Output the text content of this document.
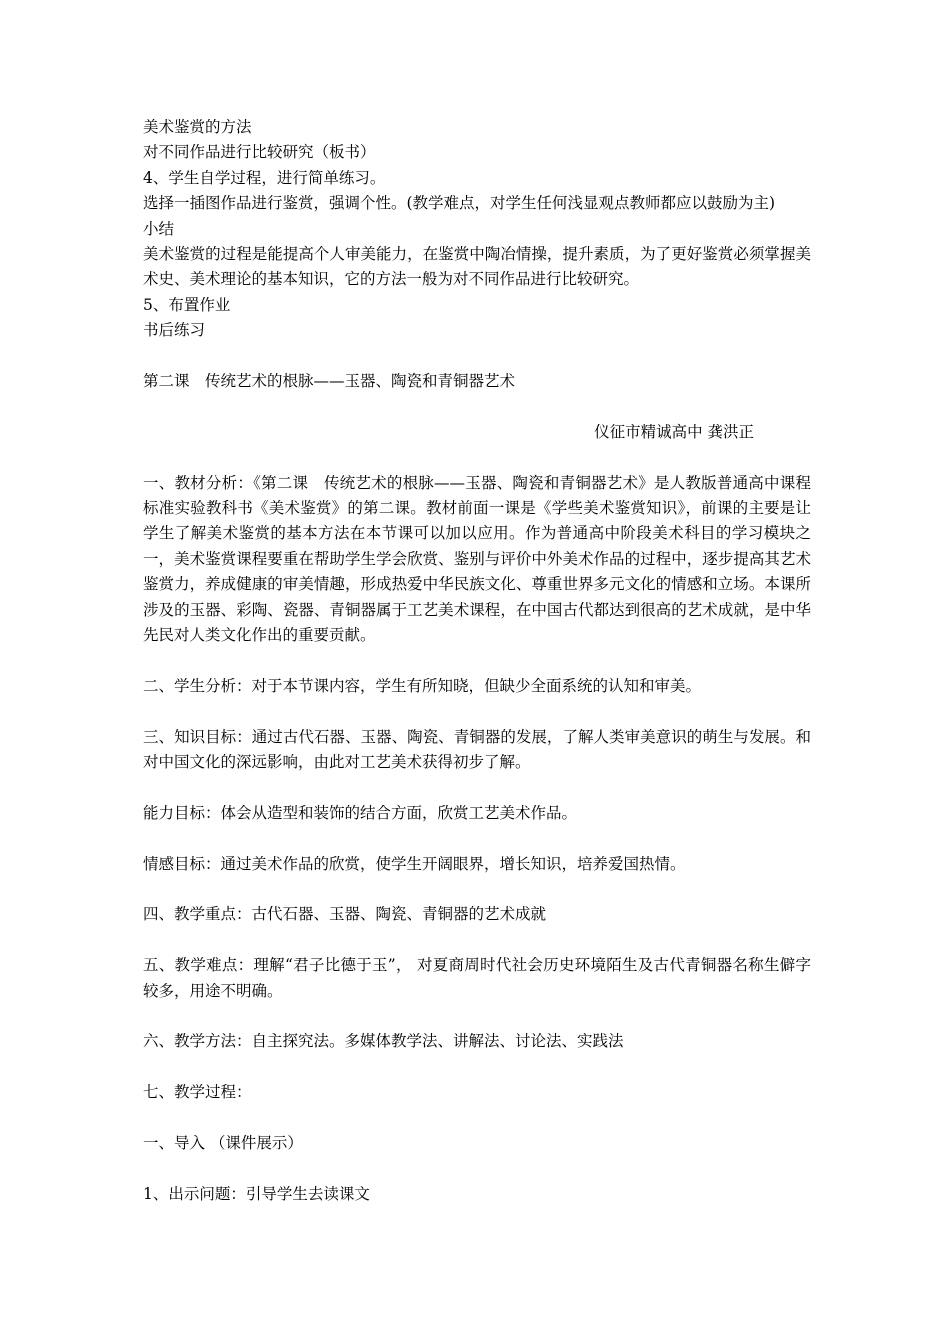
美术鉴赏的方法

对不同作品进行比较研究（板书）

4、学生自学过程，进行简单练习。

选择一插图作品进行鉴赏，强调个性。(教学难点，对学生任何浅显观点教师都应以鼓励为主)

小结

美术鉴赏的过程是能提高个人审美能力，在鉴赏中陶冶情操，提升素质，为了更好鉴赏必须掌握美术史、美术理论的基本知识，它的方法一般为对不同作品进行比较研究。

5、布置作业

书后练习

第二课　传统艺术的根脉——玉器、陶瓷和青铜器艺术

仪征市精诚高中 龚洪正

一、教材分析：《第二课　传统艺术的根脉——玉器、陶瓷和青铜器艺术》是人教版普通高中课程标准实验教科书《美术鉴赏》的第二课。教材前面一课是《学些美术鉴赏知识》，前课的主要是让学生了解美术鉴赏的基本方法在本节课可以加以应用。作为普通高中阶段美术科目的学习模块之一，美术鉴赏课程要重在帮助学生学会欣赏、鉴别与评价中外美术作品的过程中，逐步提高其艺术鉴赏力，养成健康的审美情趣，形成热爱中华民族文化、尊重世界多元文化的情感和立场。本课所涉及的玉器、彩陶、瓷器、青铜器属于工艺美术课程，在中国古代都达到很高的艺术成就，是中华先民对人类文化作出的重要贡献。

二、学生分析：对于本节课内容，学生有所知晓，但缺少全面系统的认知和审美。

三、知识目标：通过古代石器、玉器、陶瓷、青铜器的发展，了解人类审美意识的萌生与发展。和对中国文化的深远影响，由此对工艺美术获得初步了解。

能力目标：体会从造型和装饰的结合方面，欣赏工艺美术作品。

情感目标：通过美术作品的欣赏，使学生开阔眼界，增长知识，培养爱国热情。

四、教学重点：古代石器、玉器、陶瓷、青铜器的艺术成就

五、教学难点：理解“君子比德于玉”， 对夏商周时代社会历史环境陌生及古代青铜器名称生僻字较多，用途不明确。

六、教学方法：自主探究法。多媒体教学法、讲解法、讨论法、实践法

七、教学过程：

一、导入 （课件展示）

1、出示问题：引导学生去读课文
